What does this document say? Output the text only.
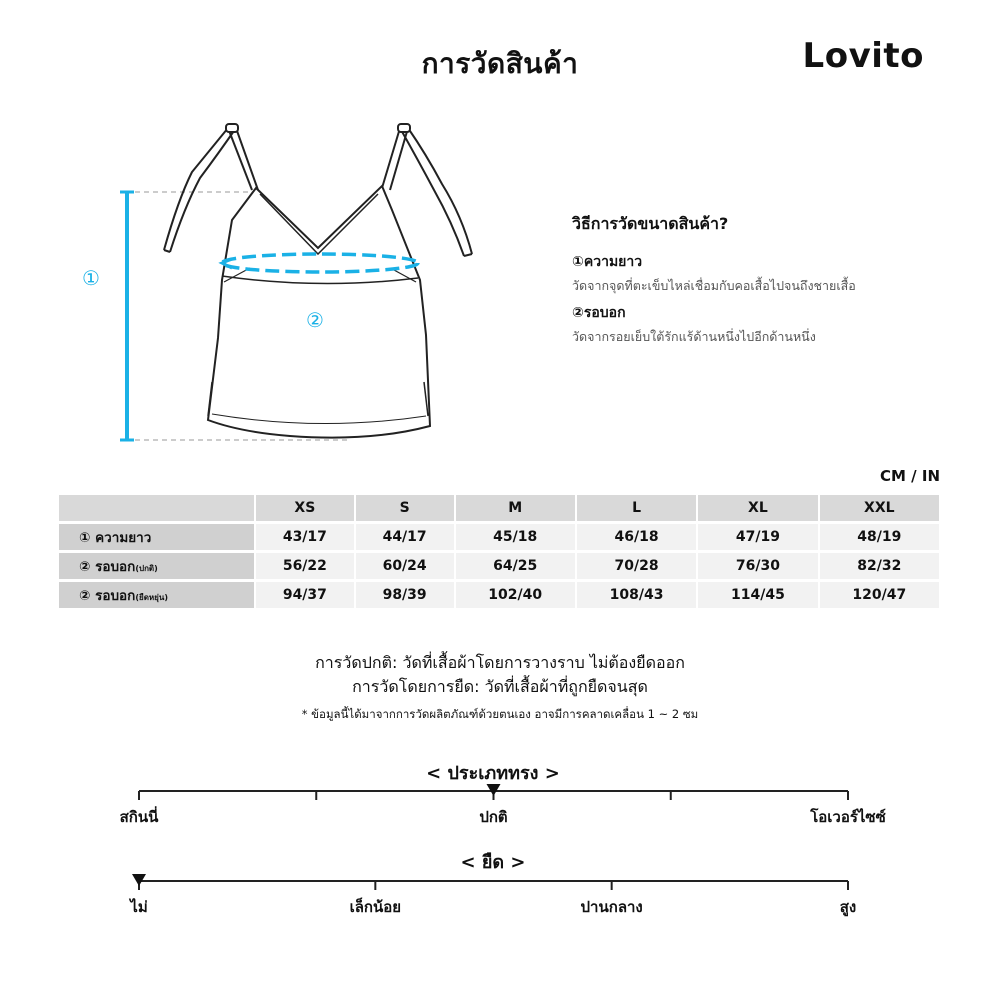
การวัดสินค้า	Lovito
①
②
วิธีการวัดขนาดสินค้า?
①ความยาว
วัดจากจุดที่ตะเข็บไหล่เชื่อมกับคอเสื้อไปจนถึงชายเสื้อ
②รอบอก
วัดจากรอยเย็บใต้รักแร้ด้านหนึ่งไปอีกด้านหนึ่ง
CM / IN
	XS	S	M	L	XL	XXL
① ความยาว	43/17	44/17	45/18	46/18	47/19	48/19
② รอบอก(ปกติ)	56/22	60/24	64/25	70/28	76/30	82/32
② รอบอก(ยืดหยุ่น)	94/37	98/39	102/40	108/43	114/45	120/47
การวัดปกติ: วัดที่เสื้อผ้าโดยการวางราบ ไม่ต้องยืดออก
การวัดโดยการยืด: วัดที่เสื้อผ้าที่ถูกยืดจนสุด
* ข้อมูลนี้ได้มาจากการวัดผลิตภัณฑ์ด้วยตนเอง อาจมีการคลาดเคลื่อน 1 ~ 2 ซม
< ประเภททรง >
สกินนี่	ปกติ	โอเวอร์ไซซ์
< ยืด >
ไม่	เล็กน้อย	ปานกลาง	สูง
